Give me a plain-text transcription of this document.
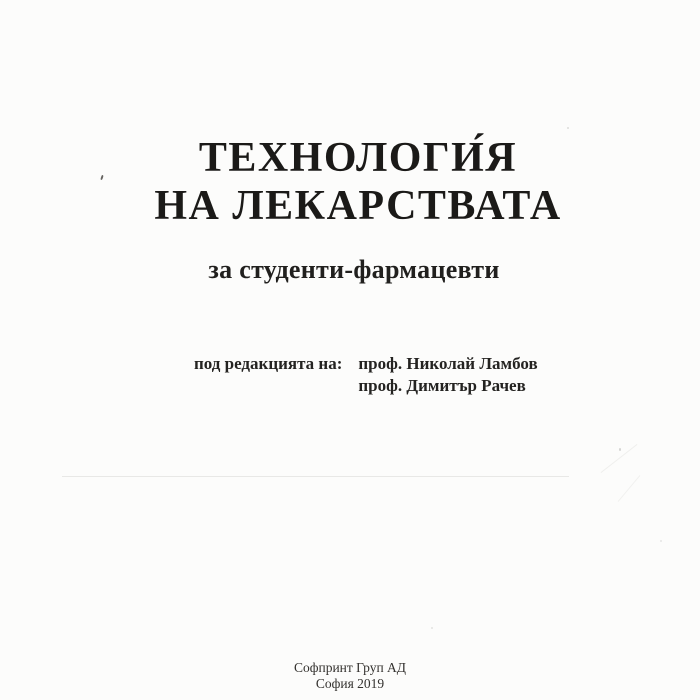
ТЕХНОЛОГИ́Я
НА ЛЕКАРСТВАТА
за студенти-фармацевти
под редакцията на: проф. Николай Ламбов
проф. Димитър Рачев
Софпринт Груп АД
София 2019
